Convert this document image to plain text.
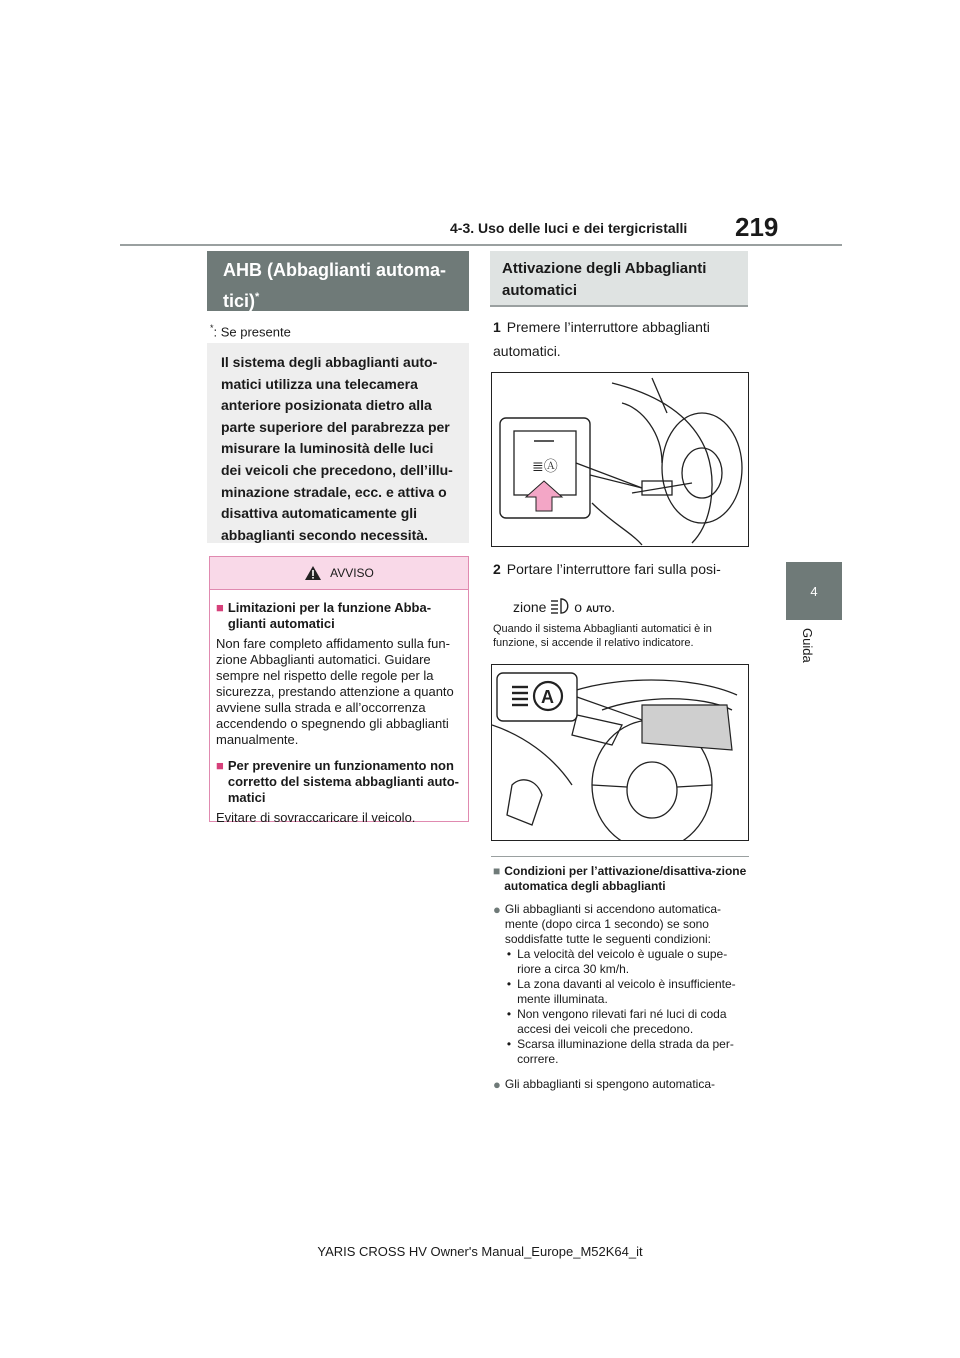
4-3. Uso delle luci e dei tergicristalli 219
4
Guida
AHB (Abbaglianti automa-tici)*
*: Se presente
Il sistema degli abbaglianti auto-matici utilizza una telecamera anteriore posizionata dietro alla parte superiore del parabrezza per misurare la luminosità delle luci dei veicoli che precedono, dell’illu-minazione stradale, ecc. e attiva o disattiva automaticamente gli abbaglianti secondo necessità.
AVVISO
■ Limitazioni per la funzione Abba-glianti automatici
Non fare completo affidamento sulla fun-zione Abbaglianti automatici. Guidare sempre nel rispetto delle regole per la sicurezza, prestando attenzione a quanto avviene sulla strada e all’occorrenza accendendo o spegnendo gli abbaglianti manualmente.
■ Per prevenire un funzionamento non corretto del sistema abbaglianti auto-matici
Evitare di sovraccaricare il veicolo.
Attivazione degli Abbaglianti automatici
1 Premere l’interruttore abbaglianti automatici.
≣Ⓐ
2 Portare l’interruttore fari sulla posi-
zione o AUTO.
Quando il sistema Abbaglianti automatici è in funzione, si accende il relativo indicatore.
A
■ Condizioni per l’attivazione/disattiva-zione automatica degli abbaglianti
● Gli abbaglianti si accendono automatica-mente (dopo circa 1 secondo) se sono soddisfatte tutte le seguenti condizioni:
• La velocità del veicolo è uguale o supe-riore a circa 30 km/h.
• La zona davanti al veicolo è insufficiente-mente illuminata.
• Non vengono rilevati fari né luci di coda accesi dei veicoli che precedono.
• Scarsa illuminazione della strada da per-correre.
● Gli abbaglianti si spengono automatica-
YARIS CROSS HV Owner's Manual_Europe_M52K64_it
